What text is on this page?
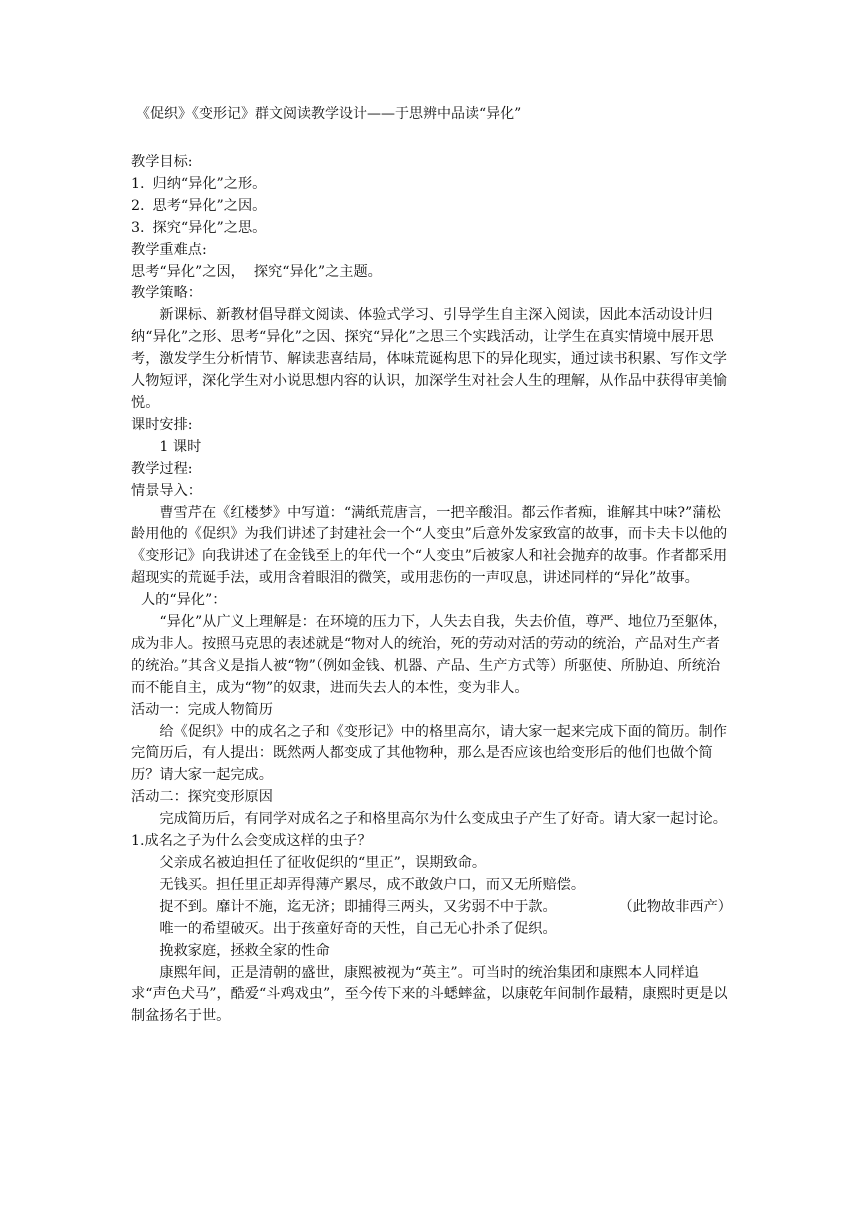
《促织》《变形记》群文阅读教学设计——于思辨中品读“异化”

教学目标:

1. 归纳“异化”之形。

2. 思考“异化”之因。

3. 探究“异化”之思。

教学重难点:

思考“异化”之因，  探究“异化”之主题。

教学策略：

新课标、新教材倡导群文阅读、体验式学习、引导学生自主深入阅读，因此本活动设计归纳“异化”之形、思考“异化”之因、探究“异化”之思三个实践活动，让学生在真实情境中展开思考，激发学生分析情节、解读悲喜结局，体味荒诞构思下的异化现实，通过读书积累、写作文学人物短评，深化学生对小说思想内容的认识，加深学生对社会人生的理解，从作品中获得审美愉悦。

课时安排:

1 课时

教学过程:

情景导入：

曹雪芹在《红楼梦》中写道：“满纸荒唐言，一把辛酸泪。都云作者痴，谁解其中味?”蒲松龄用他的《促织》为我们讲述了封建社会一个“人变虫”后意外发家致富的故事，而卡夫卡以他的《变形记》向我讲述了在金钱至上的年代一个“人变虫”后被家人和社会抛弃的故事。作者都采用超现实的荒诞手法，或用含着眼泪的微笑，或用悲伤的一声叹息，讲述同样的“异化”故事。

人的“异化”：

“异化”从广义上理解是：在环境的压力下，人失去自我，失去价值，尊严、地位乃至躯体，成为非人。按照马克思的表述就是“物对人的统治，死的劳动对活的劳动的统治，产品对生产者的统治。”其含义是指人被“物”（例如金钱、机器、产品、生产方式等）所驱使、所胁迫、所统治而不能自主，成为“物”的奴隶，进而失去人的本性，变为非人。

活动一：完成人物简历

给《促织》中的成名之子和《变形记》中的格里高尔，请大家一起来完成下面的简历。制作完简历后，有人提出：既然两人都变成了其他物种，那么是否应该也给变形后的他们也做个简历？请大家一起完成。

活动二：探究变形原因

完成简历后，有同学对成名之子和格里高尔为什么变成虫子产生了好奇。请大家一起讨论。

1.成名之子为什么会变成这样的虫子？

父亲成名被迫担任了征收促织的“里正”，误期致命。

无钱买。担任里正却弄得薄产累尽，成不敢敛户口，而又无所赔偿。

捉不到。靡计不施，迄无济；即捕得三两头，又劣弱不中于款。	（此物故非西产）

唯一的希望破灭。出于孩童好奇的天性，自己无心扑杀了促织。

挽救家庭，拯救全家的性命

康熙年间，正是清朝的盛世，康熙被视为“英主”。可当时的统治集团和康熙本人同样追求“声色犬马”，酷爱“斗鸡戏虫”，至今传下来的斗蟋蟀盆，以康乾年间制作最精，康熙时更是以制盆扬名于世。
